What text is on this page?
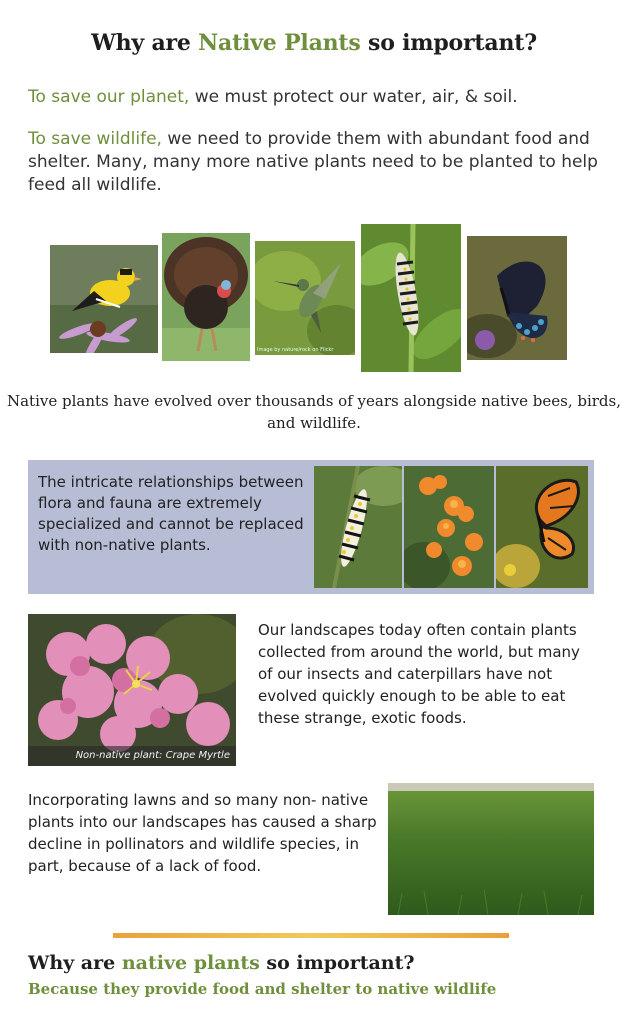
Why are Native Plants so important?
To save our planet, we must protect our water, air, & soil.
To save wildlife, we need to provide them with abundant food and shelter. Many, many more native plants need to be planted to help feed all wildlife.
Image by nature/rock on Flickr
Native plants have evolved over thousands of years alongside native bees, birds, and wildlife.
The intricate relationships between flora and fauna are extremely specialized and cannot be replaced with non-native plants.
Non-native plant: Crape Myrtle
Our landscapes today often contain plants collected from around the world, but many of our insects and caterpillars have not evolved quickly enough to be able to eat these strange, exotic foods.
Incorporating lawns and so many non- native plants into our landscapes has caused a sharp decline in pollinators and wildlife species, in part, because of a lack of food.
Why are native plants so important?
Because they provide food and shelter to native wildlife
